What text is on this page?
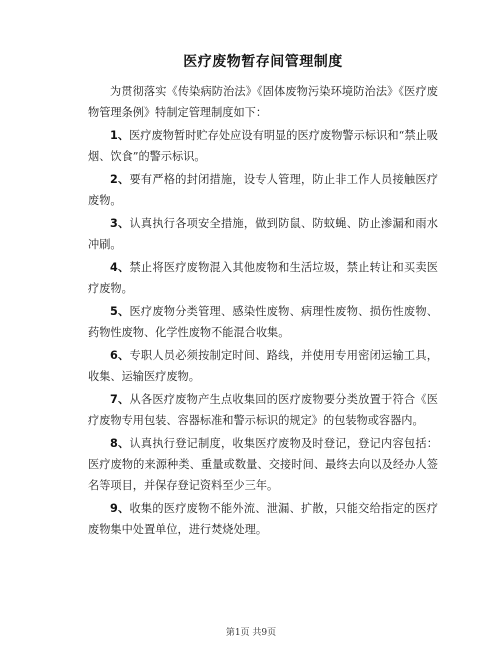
医疗废物暂存间管理制度

为贯彻落实《传染病防治法》《固体废物污染环境防治法》《医疗废物管理条例》特制定管理制度如下：

1、医疗废物暂时贮存处应设有明显的医疗废物警示标识和“禁止吸烟、饮食”的警示标识。

2、要有严格的封闭措施，设专人管理，防止非工作人员接触医疗废物。

3、认真执行各项安全措施，做到防鼠、防蚊蝇、防止渗漏和雨水冲刷。

4、禁止将医疗废物混入其他废物和生活垃圾，禁止转让和买卖医疗废物。

5、医疗废物分类管理、感染性废物、病理性废物、损伤性废物、药物性废物、化学性废物不能混合收集。

6、专职人员必须按制定时间、路线，并使用专用密闭运输工具，收集、运输医疗废物。

7、从各医疗废物产生点收集回的医疗废物要分类放置于符合《医疗废物专用包装、容器标准和警示标识的规定》的包装物或容器内。

8、认真执行登记制度，收集医疗废物及时登记，登记内容包括：医疗废物的来源种类、重量或数量、交接时间、最终去向以及经办人签名等项目，并保存登记资料至少三年。

9、收集的医疗废物不能外流、泄漏、扩散，只能交给指定的医疗废物集中处置单位，进行焚烧处理。

第1页 共9页
